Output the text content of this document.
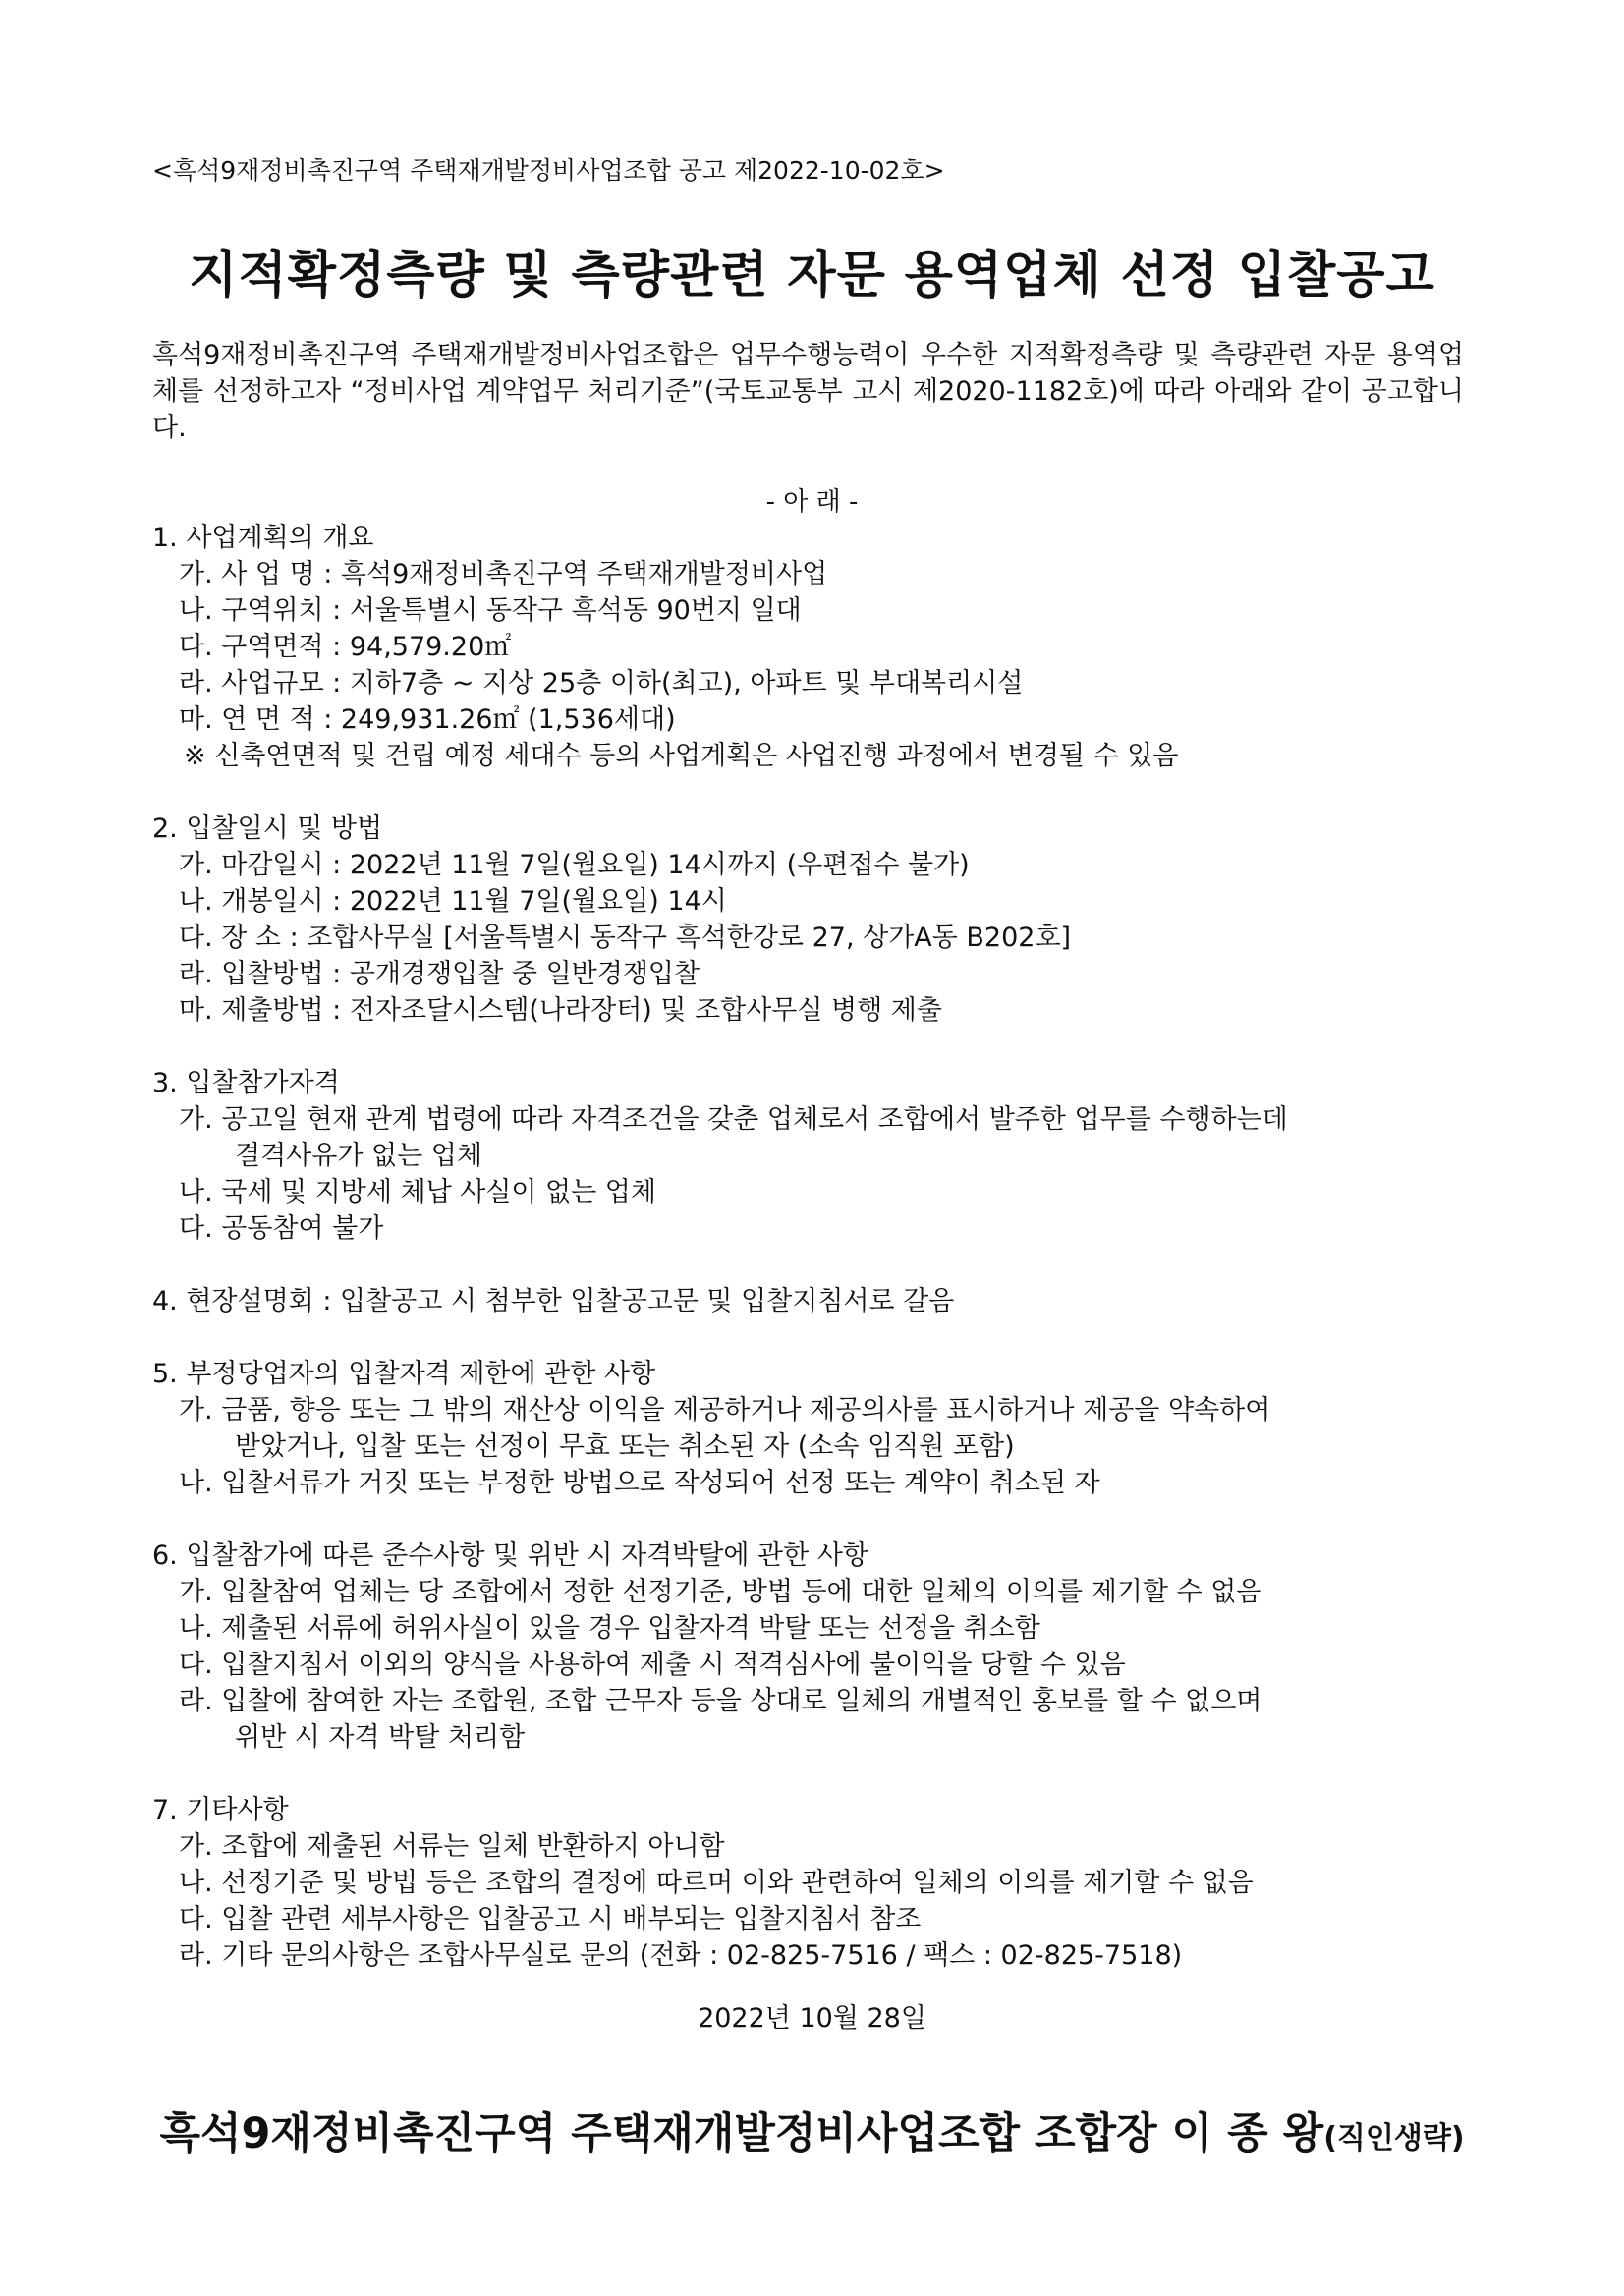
<흑석9재정비촉진구역 주택재개발정비사업조합 공고 제2022-10-02호>
지적확정측량 및 측량관련 자문 용역업체 선정 입찰공고
흑석9재정비촉진구역 주택재개발정비사업조합은 업무수행능력이 우수한 지적확정측량 및 측량관련 자문 용역업체를 선정하고자 “정비사업 계약업무 처리기준”(국토교통부 고시 제2020-1182호)에 따라 아래와 같이 공고합니다.
- 아 래 -
1. 사업계획의 개요
가. 사 업 명 : 흑석9재정비촉진구역 주택재개발정비사업
나. 구역위치 : 서울특별시 동작구 흑석동 90번지 일대
다. 구역면적 : 94,579.20㎡
라. 사업규모 : 지하7층 ~ 지상 25층 이하(최고), 아파트 및 부대복리시설
마. 연 면 적 : 249,931.26㎡ (1,536세대)
※ 신축연면적 및 건립 예정 세대수 등의 사업계획은 사업진행 과정에서 변경될 수 있음
2. 입찰일시 및 방법
가. 마감일시 : 2022년 11월 7일(월요일) 14시까지 (우편접수 불가)
나. 개봉일시 : 2022년 11월 7일(월요일) 14시
다. 장 소 : 조합사무실 [서울특별시 동작구 흑석한강로 27, 상가A동 B202호]
라. 입찰방법 : 공개경쟁입찰 중 일반경쟁입찰
마. 제출방법 : 전자조달시스템(나라장터) 및 조합사무실 병행 제출
3. 입찰참가자격
가. 공고일 현재 관계 법령에 따라 자격조건을 갖춘 업체로서 조합에서 발주한 업무를 수행하는데
결격사유가 없는 업체
나. 국세 및 지방세 체납 사실이 없는 업체
다. 공동참여 불가
4. 현장설명회 : 입찰공고 시 첨부한 입찰공고문 및 입찰지침서로 갈음
5. 부정당업자의 입찰자격 제한에 관한 사항
가. 금품, 향응 또는 그 밖의 재산상 이익을 제공하거나 제공의사를 표시하거나 제공을 약속하여
받았거나, 입찰 또는 선정이 무효 또는 취소된 자 (소속 임직원 포함)
나. 입찰서류가 거짓 또는 부정한 방법으로 작성되어 선정 또는 계약이 취소된 자
6. 입찰참가에 따른 준수사항 및 위반 시 자격박탈에 관한 사항
가. 입찰참여 업체는 당 조합에서 정한 선정기준, 방법 등에 대한 일체의 이의를 제기할 수 없음
나. 제출된 서류에 허위사실이 있을 경우 입찰자격 박탈 또는 선정을 취소함
다. 입찰지침서 이외의 양식을 사용하여 제출 시 적격심사에 불이익을 당할 수 있음
라. 입찰에 참여한 자는 조합원, 조합 근무자 등을 상대로 일체의 개별적인 홍보를 할 수 없으며
위반 시 자격 박탈 처리함
7. 기타사항
가. 조합에 제출된 서류는 일체 반환하지 아니함
나. 선정기준 및 방법 등은 조합의 결정에 따르며 이와 관련하여 일체의 이의를 제기할 수 없음
다. 입찰 관련 세부사항은 입찰공고 시 배부되는 입찰지침서 참조
라. 기타 문의사항은 조합사무실로 문의 (전화 : 02-825-7516 / 팩스 : 02-825-7518)
2022년 10월 28일
흑석9재정비촉진구역 주택재개발정비사업조합 조합장 이 종 왕(직인생략)
